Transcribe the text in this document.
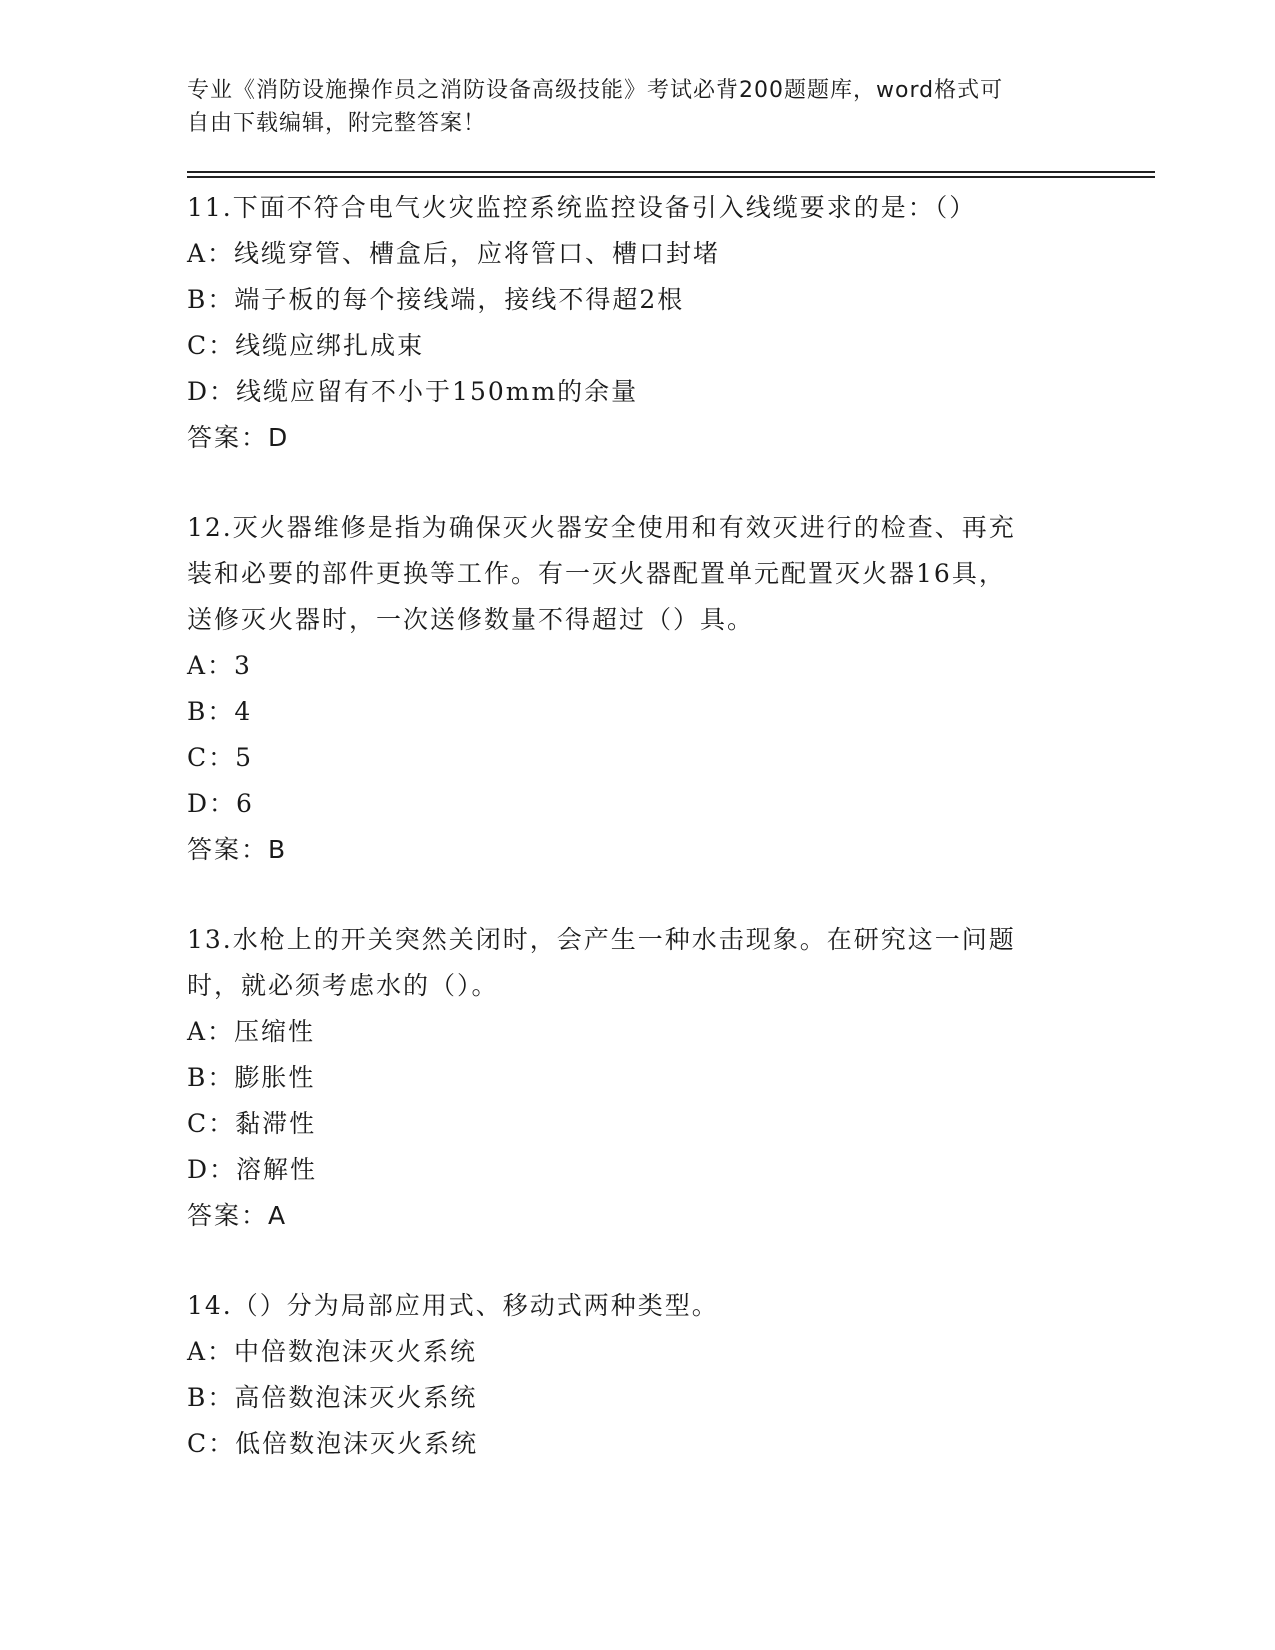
专业《消防设施操作员之消防设备高级技能》考试必背200题题库，word格式可
自由下载编辑，附完整答案！

11.下面不符合电气火灾监控系统监控设备引入线缆要求的是：（）

A：线缆穿管、槽盒后，应将管口、槽口封堵

B：端子板的每个接线端，接线不得超2根

C：线缆应绑扎成束

D：线缆应留有不小于150mm的余量

答案：D

12.灭火器维修是指为确保灭火器安全使用和有效灭进行的检查、再充

装和必要的部件更换等工作。有一灭火器配置单元配置灭火器16具，

送修灭火器时，一次送修数量不得超过（）具。

A：3

B：4

C：5

D：6

答案：B

13.水枪上的开关突然关闭时，会产生一种水击现象。在研究这一问题

时，就必须考虑水的（）。

A：压缩性

B：膨胀性

C：黏滞性

D：溶解性

答案：A

14.（）分为局部应用式、移动式两种类型。

A：中倍数泡沫灭火系统

B：高倍数泡沫灭火系统

C：低倍数泡沫灭火系统
